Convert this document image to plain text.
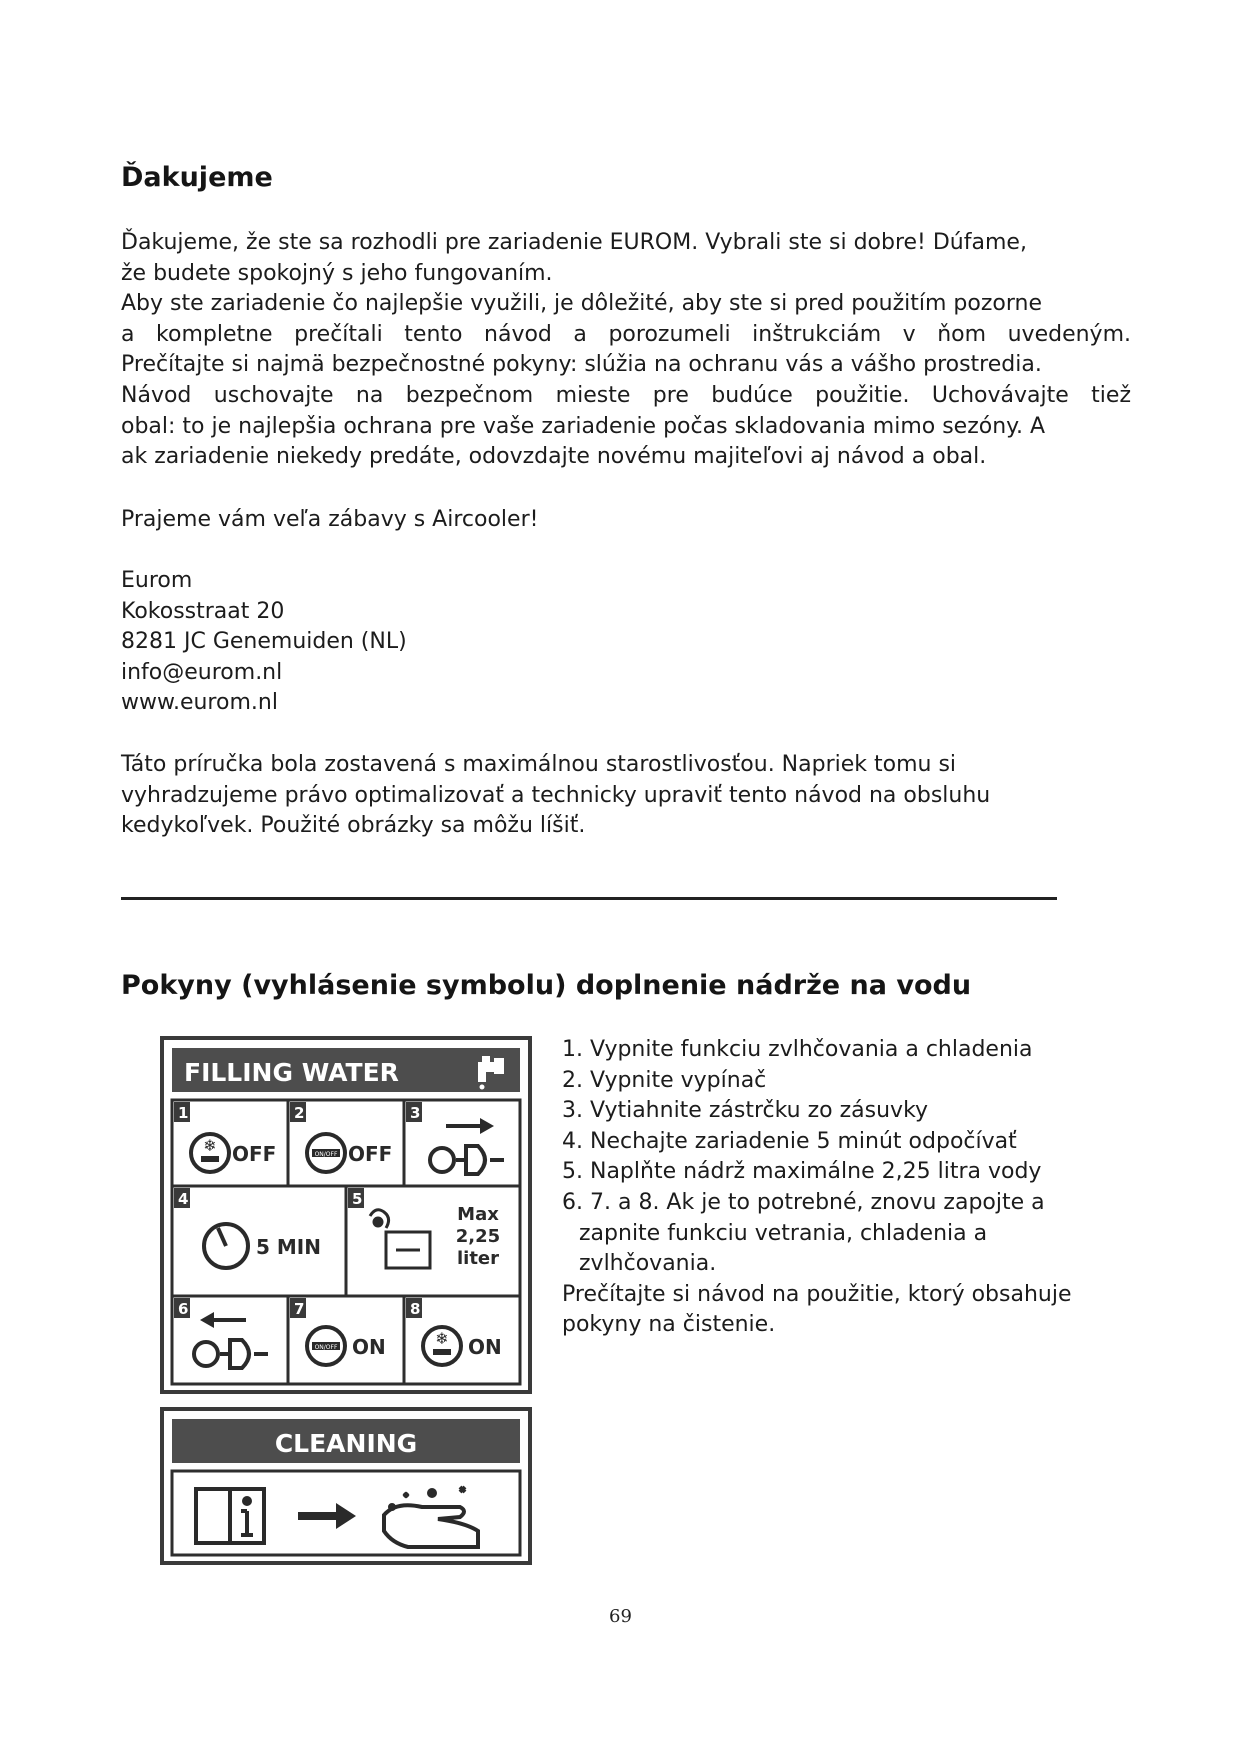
Ďakujeme
Ďakujeme, že ste sa rozhodli pre zariadenie EUROM. Vybrali ste si dobre! Dúfame,
že budete spokojný s jeho fungovaním.
Aby ste zariadenie čo najlepšie využili, je dôležité, aby ste si pred použitím pozorne
a kompletne prečítali tento návod a porozumeli inštrukciám v ňom uvedeným.
Prečítajte si najmä bezpečnostné pokyny: slúžia na ochranu vás a vášho prostredia.
Návod uschovajte na bezpečnom mieste pre budúce použitie. Uchovávajte tiež
obal: to je najlepšia ochrana pre vaše zariadenie počas skladovania mimo sezóny. A
ak zariadenie niekedy predáte, odovzdajte novému majiteľovi aj návod a obal.

Prajeme vám veľa zábavy s Aircooler!

Eurom
Kokosstraat 20
8281 JC Genemuiden (NL)
info@eurom.nl
www.eurom.nl
Táto príručka bola zostavená s maximálnou starostlivosťou. Napriek tomu si
vyhradzujeme právo optimalizovať a technicky upraviť tento návod na obsluhu
kedykoľvek. Použité obrázky sa môžu líšiť.
Pokyny (vyhlásenie symbolu) doplnenie nádrže na vodu
FILLING WATER
1	2	3
4	5
6	7	8
❄ OFF	ON/OFF OFF
5 MIN
Max
2,25
liter
ON/OFF ON	❄ ON
CLEANING
1. Vypnite funkciu zvlhčovania a chladenia
2. Vypnite vypínač
3. Vytiahnite zástrčku zo zásuvky
4. Nechajte zariadenie 5 minút odpočívať
5. Naplňte nádrž maximálne 2,25 litra vody
6. 7. a 8. Ak je to potrebné, znovu zapojte a
zapnite funkciu vetrania, chladenia a
zvlhčovania.
Prečítajte si návod na použitie, ktorý obsahuje
pokyny na čistenie.
69
